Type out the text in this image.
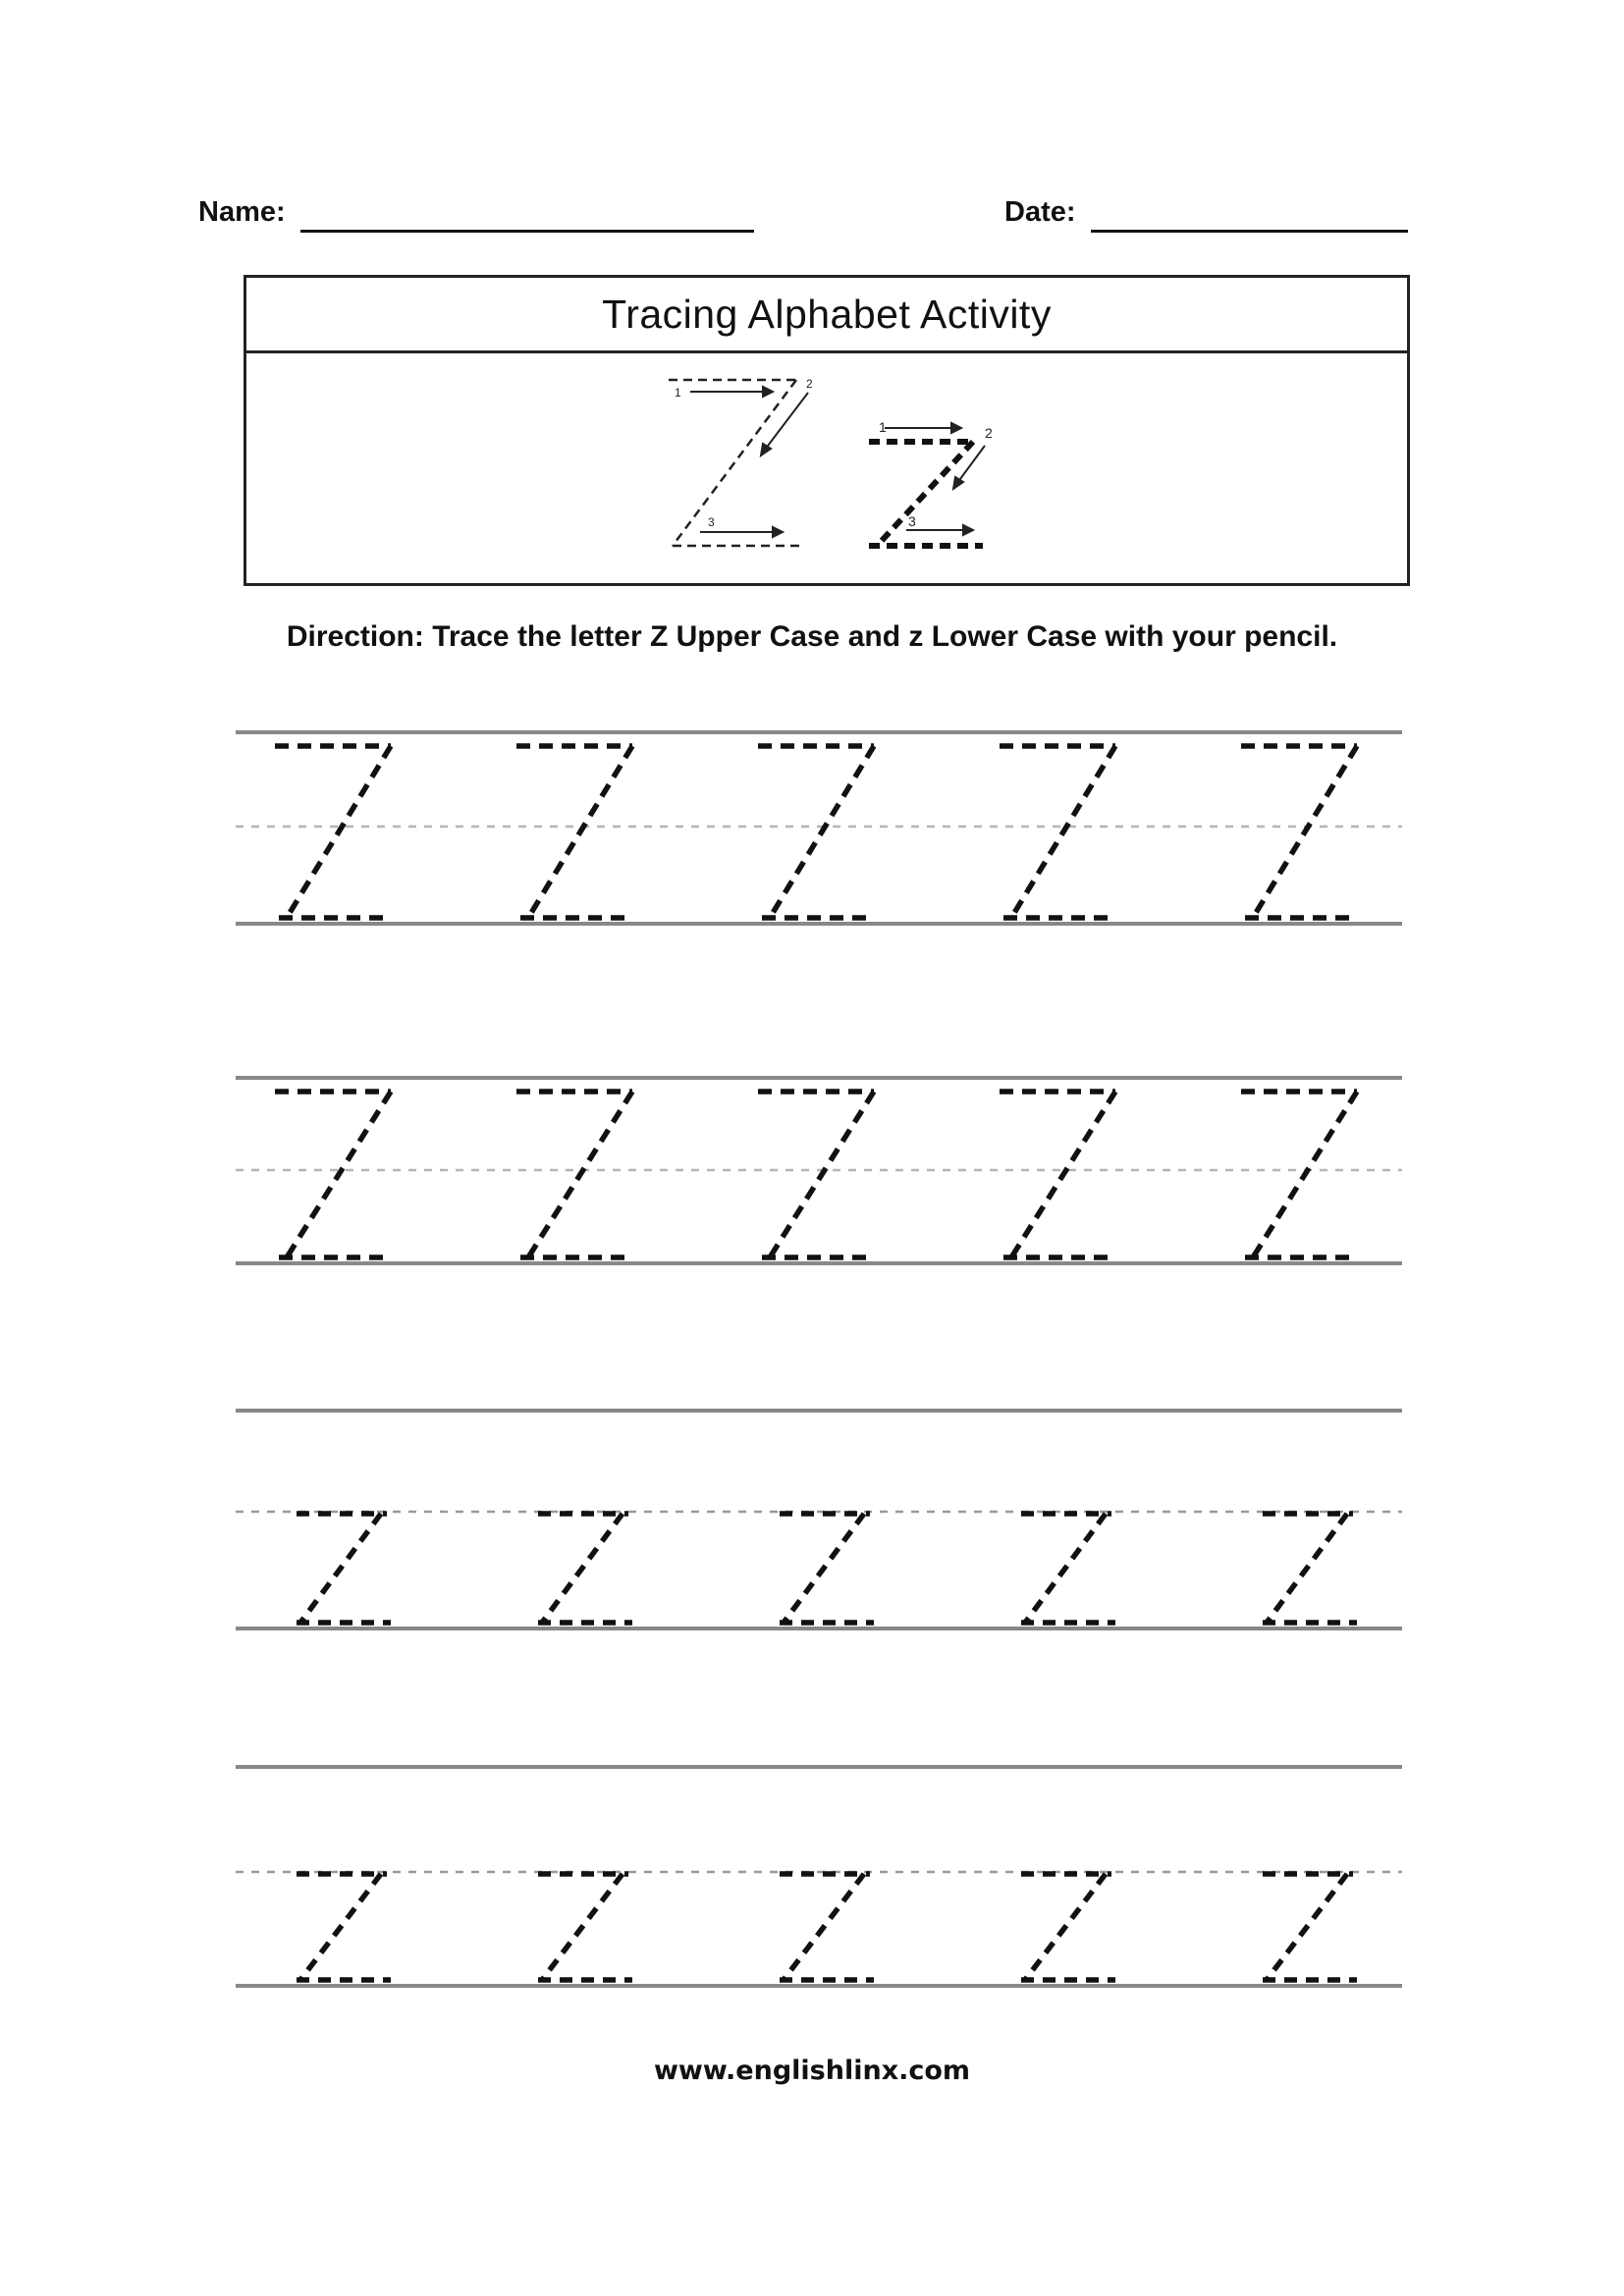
Name:	Date:
Tracing Alphabet Activity
1
2
3
1	2
3
Direction: Trace the letter Z Upper Case and z Lower Case with your pencil.
www.englishlinx.com
